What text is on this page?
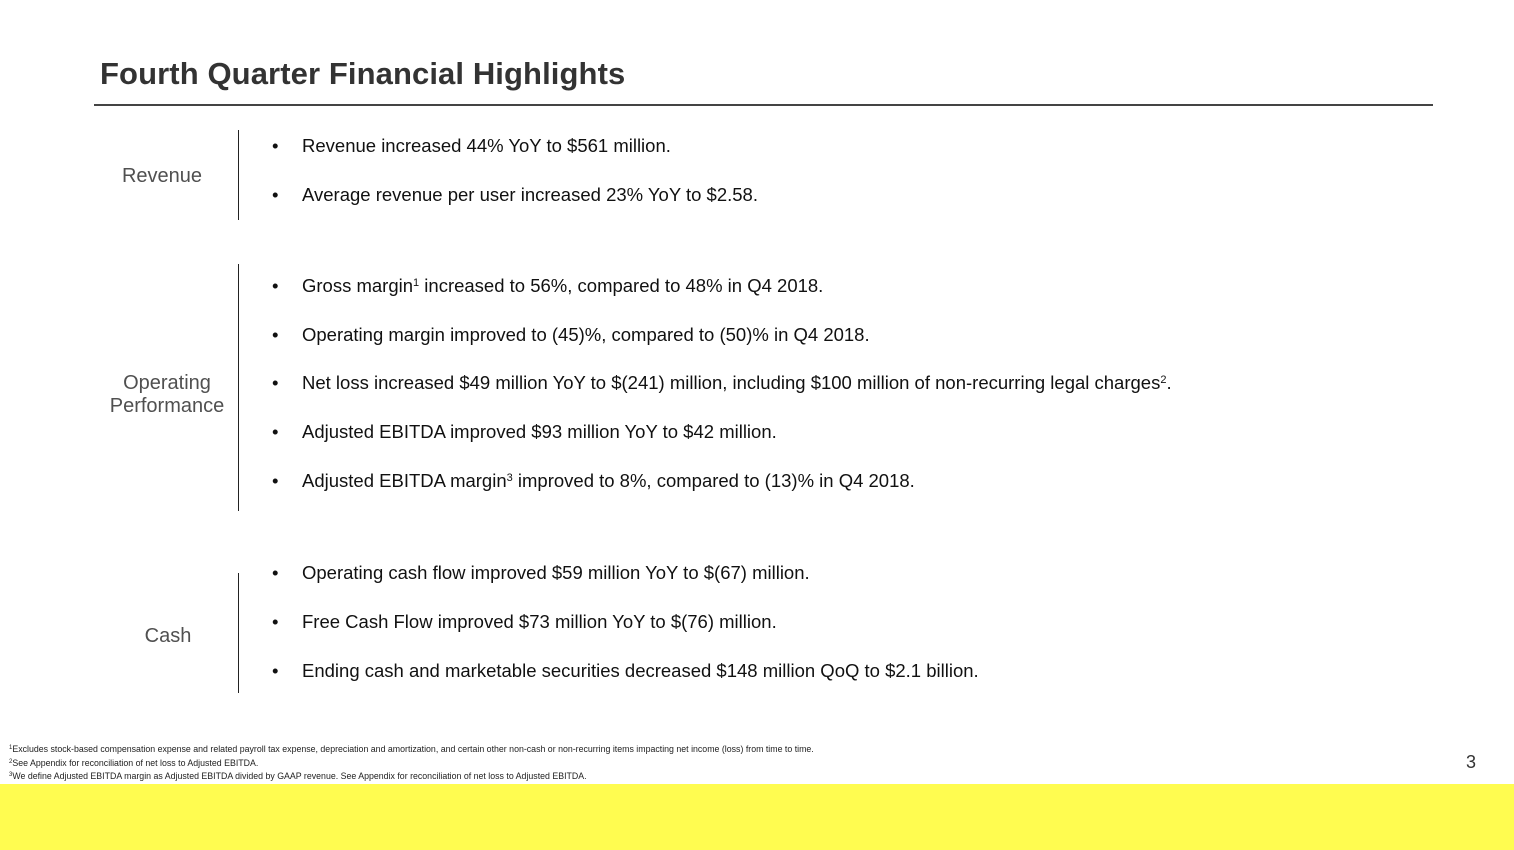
Fourth Quarter Financial Highlights
Revenue
• Revenue increased 44% YoY to $561 million.
• Average revenue per user increased 23% YoY to $2.58.
Operating
Performance
• Gross margin$^1$ increased to 56%, compared to 48% in Q4 2018.
• Operating margin improved to (45)%, compared to (50)% in Q4 2018.
• Net loss increased $49 million YoY to $(241) million, including $100 million of non-recurring legal charges$^2$.
• Adjusted EBITDA improved $93 million YoY to $42 million.
• Adjusted EBITDA margin$^3$ improved to 8%, compared to (13)% in Q4 2018.
Cash
• Operating cash flow improved $59 million YoY to $(67) million.
• Free Cash Flow improved $73 million YoY to $(76) million.
• Ending cash and marketable securities decreased $148 million QoQ to $2.1 billion.
$^1$Excludes stock-based compensation expense and related payroll tax expense, depreciation and amortization, and certain other non-cash or non-recurring items impacting net income (loss) from time to time.
$^2$See Appendix for reconciliation of net loss to Adjusted EBITDA.
$^3$We define Adjusted EBITDA margin as Adjusted EBITDA divided by GAAP revenue. See Appendix for reconciliation of net loss to Adjusted EBITDA.
3
